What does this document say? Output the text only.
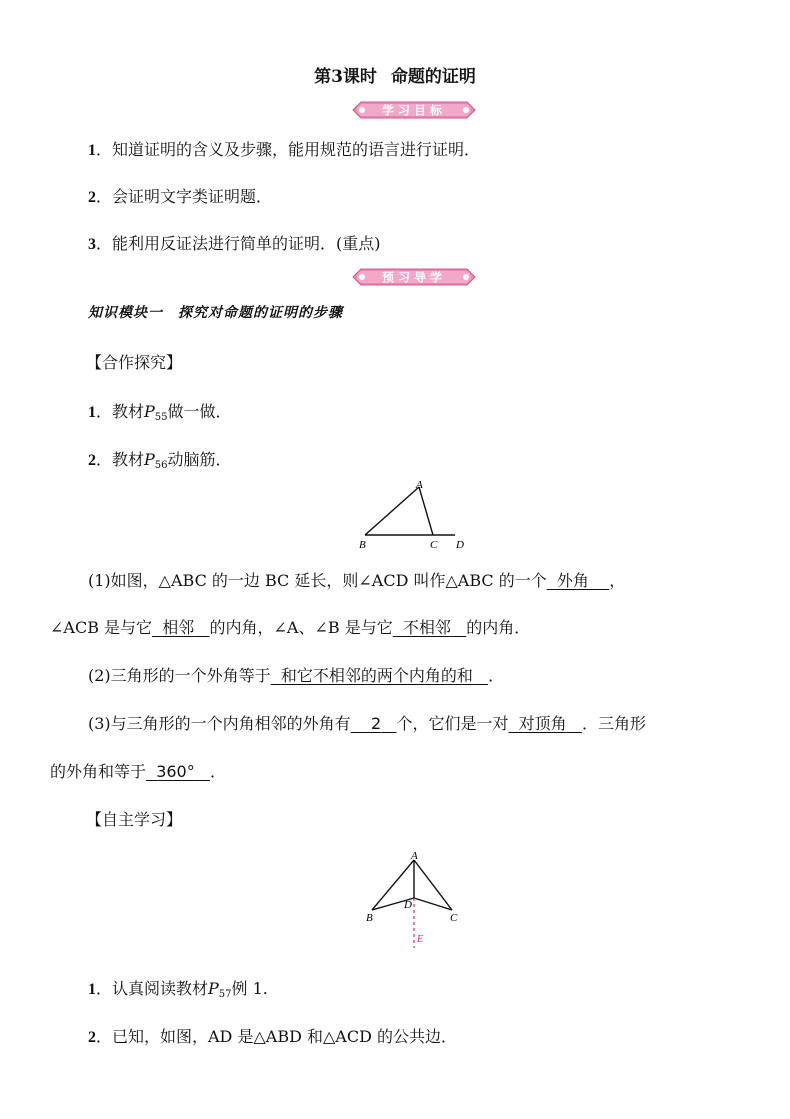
第3课时 命题的证明
学习目标
1．知道证明的含义及步骤，能用规范的语言进行证明．
2．会证明文字类证明题．
3．能利用反证法进行简单的证明．(重点)
预习导学
知识模块一　探究对命题的证明的步骤
【合作探究】
1．教材$P_{55}$做一做．
2．教材$P_{56}$动脑筋．
A
B	C D
(1)如图，△ABC 的一边 BC 延长，则∠ACD 叫作△ABC 的一个 外角 ，
∠ACB 是与它 相邻 的内角，∠A、∠B 是与它 不相邻 的内角．
(2)三角形的一个外角等于 和它不相邻的两个内角的和 ．
(3)与三角形的一个内角相邻的外角有 2 个，它们是一对 对顶角 ．三角形
的外角和等于 360° ．
【自主学习】
A
B	C
D
E
1．认真阅读教材$P_{57}$例 1.
2．已知，如图，AD 是△ABD 和△ACD 的公共边．
